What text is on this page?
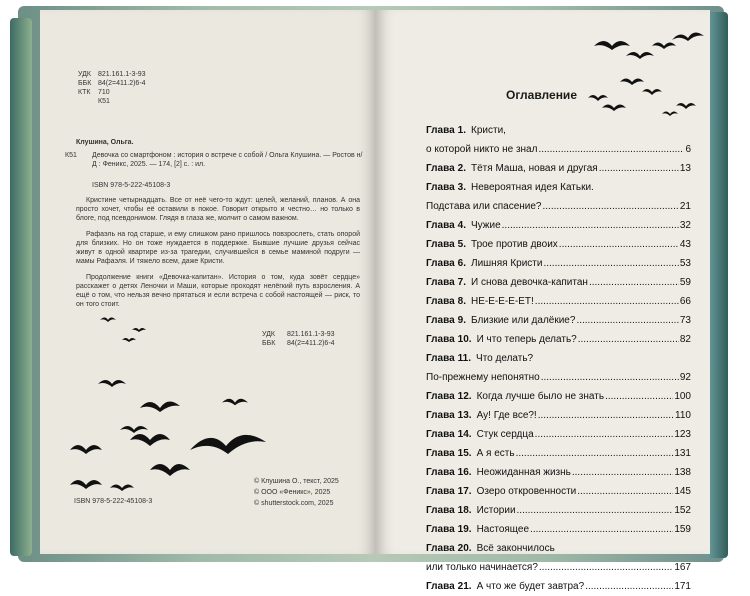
УДК	821.161.1-3-93
ББК 84(2=411.2)6-4
КТК	710
К51
Клушина, Ольга.
К51 Девочка со смартфоном : история о встрече с собой / Ольга Клушина. — Ростов н/Д : Феникс, 2025. — 174, [2] с. : ил.
ISBN 978-5-222-45108-3

Кристине четырнадцать. Все от неё чего-то ждут: целей, желаний, планов. А она просто хочет, чтобы её оставили в покое. Говорит открыто и честно… но только в блоге, под псевдонимом. Глядя в глаза же, молчит о самом важном.

Рафаэль на год старше, и ему слишком рано пришлось повзрослеть, стать опорой для близких. Но он тоже нуждается в поддержке. Бывшие лучшие друзья сейчас живут в одной квартире из-за трагедии, случившейся в семье маминой подруги — мамы Рафаэля. И тяжело всем, даже Кристи.

Продолжение книги «Девочка-капитан». История о том, куда зовёт сердце» расскажет о детях Леночки и Маши, которые проходят нелёгкий путь взросления. А ещё о том, что нельзя вечно прятаться и если встреча с собой настоящей — риск, то он того стоит.

УДК	821.161.1-3-93
ББК	84(2=411.2)6-4
ISBN 978-5-222-45108-3
© Клушина О., текст, 2025
© ООО «Феникс», 2025
© shutterstock.com, 2025
Оглавление
Глава 1. Кристи,
о которой никто не знал .....	6
Глава 2. Тётя Маша, новая и другая .....	13
Глава 3. Невероятная идея Катьки.
Подстава или спасение? .....	21
Глава 4. Чужие .....	32
Глава 5. Трое против двоих .....	43
Глава 6. Лишняя Кристи .....	53
Глава 7. И снова девочка-капитан .....	59
Глава 8. НЕ-Е-Е-Е-ЕТ! .....	66
Глава 9. Близкие или далёкие? .....	73
Глава 10. И что теперь делать? .....	82
Глава 11. Что делать?
По-прежнему непонятно .....	92
Глава 12. Когда лучше было не знать .....	100
Глава 13. Ау! Где все?! .....	110
Глава 14. Стук сердца .....	123
Глава 15. А я есть .....	131
Глава 16. Неожиданная жизнь .....	138
Глава 17. Озеро откровенности .....	145
Глава 18. Истории .....	152
Глава 19. Настоящее .....	159
Глава 20. Всё закончилось
или только начинается? .....	167
Глава 21. А что же будет завтра? .....	171
